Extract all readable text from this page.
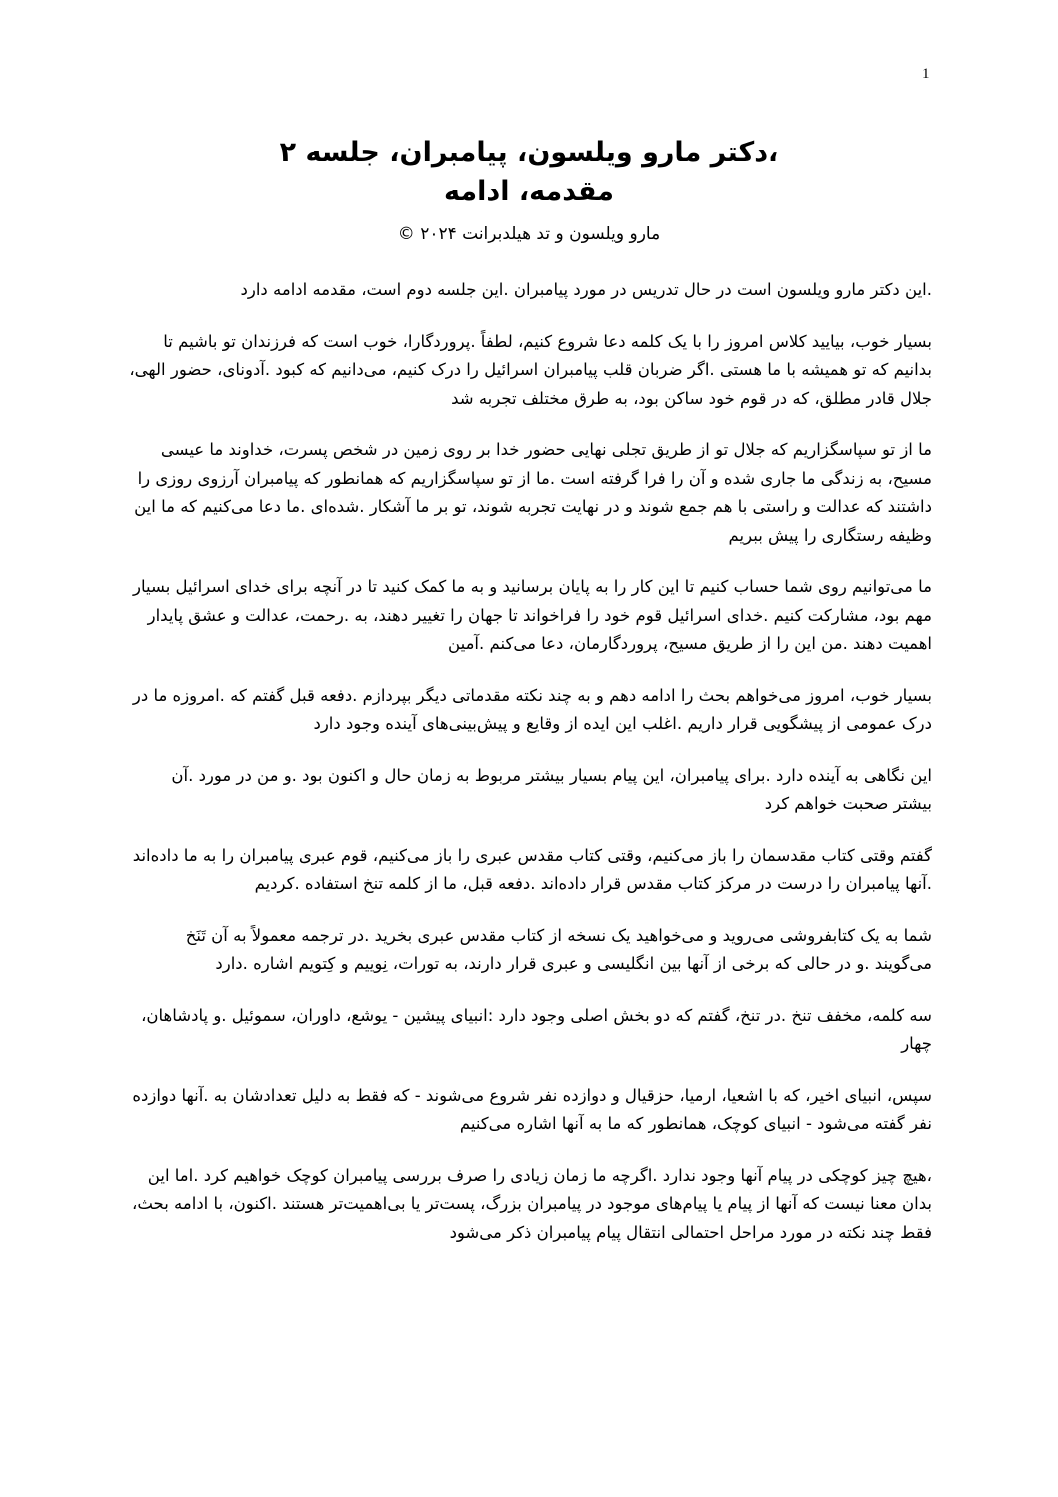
1

،دکتر مارو ویلسون، پیامبران، جلسه ۲
مقدمه، ادامه

مارو ویلسون و تد هیلدبرانت ۲۰۲۴ ©

.این دکتر مارو ویلسون است در حال تدریس در مورد پیامبران .این جلسه دوم است، مقدمه ادامه دارد

بسیار خوب، بیایید کلاس امروز را با یک کلمه دعا شروع کنیم، لطفاً .پروردگارا، خوب است که فرزندان تو باشیم تا بدانیم که تو همیشه با ما هستی .اگر ضربان قلب پیامبران اسرائیل را درک کنیم، می‌دانیم که کبود .آدونای، حضور الهی، جلال قادر مطلق، که در قوم خود ساکن بود، به طرق مختلف تجربه شد

ما از تو سپاسگزاریم که جلال تو از طریق تجلی نهایی حضور خدا بر روی زمین در شخص پسرت، خداوند ما عیسی مسیح، به زندگی ما جاری شده و آن را فرا گرفته است .ما از تو سپاسگزاریم که همانطور که پیامبران آرزوی روزی را داشتند که عدالت و راستی با هم جمع شوند و در نهایت تجربه شوند، تو بر ما آشکار .شده‌ای .ما دعا می‌کنیم که ما این وظیفه رستگاری را پیش ببریم

ما می‌توانیم روی شما حساب کنیم تا این کار را به پایان برسانید و به ما کمک کنید تا در آنچه برای خدای اسرائیل بسیار مهم بود، مشارکت کنیم .خدای اسرائیل قوم خود را فراخواند تا جهان را تغییر دهند، به .رحمت، عدالت و عشق پایدار اهمیت دهند .من این را از طریق مسیح، پروردگارمان، دعا می‌کنم .آمین

بسیار خوب، امروز می‌خواهم بحث را ادامه دهم و به چند نکته مقدماتی دیگر بپردازم .دفعه قبل گفتم که .امروزه ما در درک عمومی از پیشگویی قرار داریم .اغلب این ایده از وقایع و پیش‌بینی‌های آینده وجود دارد

این نگاهی به آینده دارد .برای پیامبران، این پیام بسیار بیشتر مربوط به زمان حال و اکنون بود .و من در مورد .آن بیشتر صحبت خواهم کرد

گفتم وقتی کتاب مقدسمان را باز می‌کنیم، وقتی کتاب مقدس عبری را باز می‌کنیم، قوم عبری پیامبران را به ما داده‌اند .آنها پیامبران را درست در مرکز کتاب مقدس قرار داده‌اند .دفعه قبل، ما از کلمه تنخ استفاده .کردیم

شما به یک کتابفروشی می‌روید و می‌خواهید یک نسخه از کتاب مقدس عبری بخرید .در ترجمه معمولاً به آن تَنَخ می‌گویند .و در حالی که برخی از آنها بین انگلیسی و عبری قرار دارند، به تورات، نِوییم و کِتویم اشاره .دارد

سه کلمه، مخفف تنخ .در تنخ، گفتم که دو بخش اصلی وجود دارد :انبیای پیشین - یوشع، داوران، سموئیل .و پادشاهان، چهار

سپس، انبیای اخیر، که با اشعیا، ارمیا، حزقیال و دوازده نفر شروع می‌شوند - که فقط به دلیل تعدادشان به .آنها دوازده نفر گفته می‌شود - انبیای کوچک، همانطور که ما به آنها اشاره می‌کنیم

،هیچ چیز کوچکی در پیام آنها وجود ندارد .اگرچه ما زمان زیادی را صرف بررسی پیامبران کوچک خواهیم کرد .اما این بدان معنا نیست که آنها از پیام یا پیام‌های موجود در پیامبران بزرگ، پست‌تر یا بی‌اهمیت‌تر هستند .اکنون، با ادامه بحث، فقط چند نکته در مورد مراحل احتمالی انتقال پیام پیامبران ذکر می‌شود
